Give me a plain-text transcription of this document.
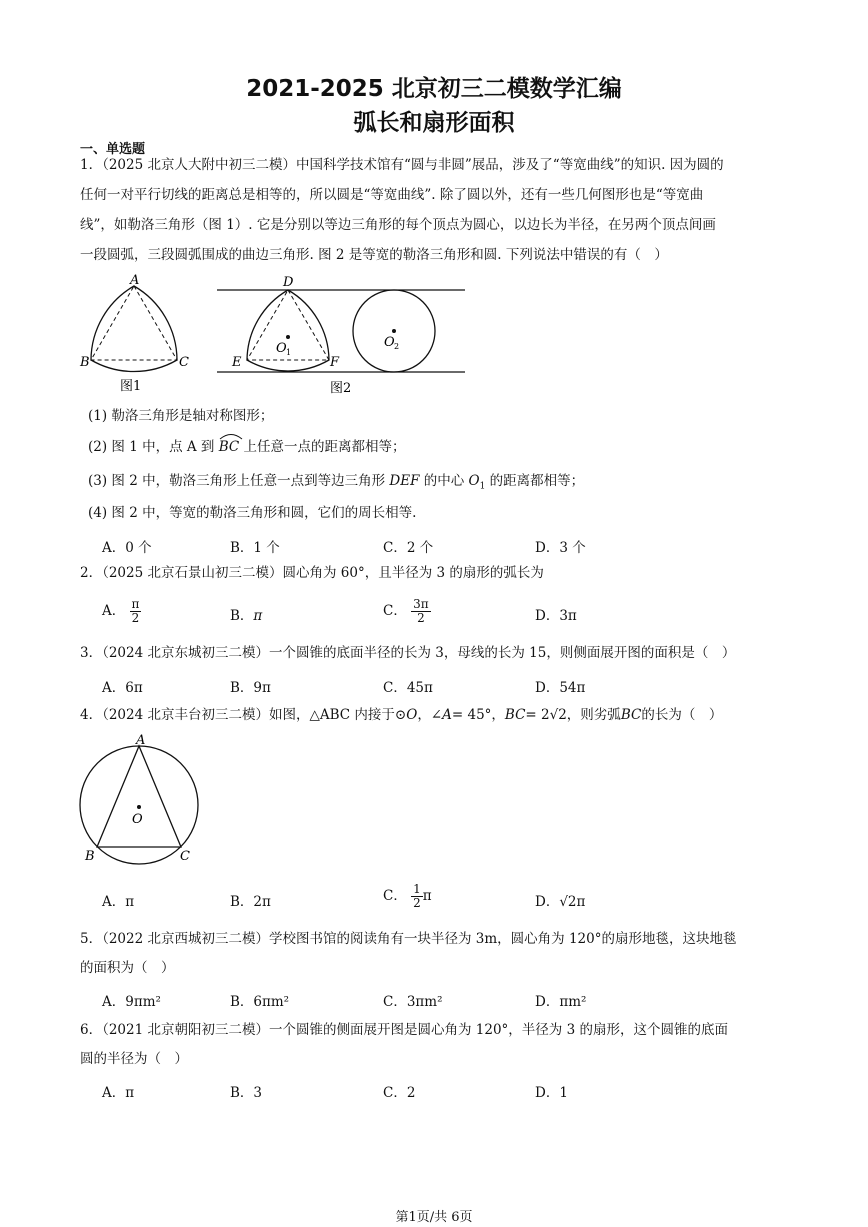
2021-2025 北京初三二模数学汇编
弧长和扇形面积
一、单选题
1．（2025 北京人大附中初三二模）中国科学技术馆有“圆与非圆”展品，涉及了“等宽曲线”的知识. 因为圆的
任何一对平行切线的距离总是相等的，所以圆是“等宽曲线”. 除了圆以外，还有一些几何图形也是“等宽曲
线”，如勒洛三角形（图 1）. 它是分别以等边三角形的每个顶点为圆心，以边长为半径，在另两个顶点间画
一段圆弧，三段圆弧围成的曲边三角形. 图 2 是等宽的勒洛三角形和圆. 下列说法中错误的有（　）
A
B	C
图1
D
E	F
O 1
O 2
图2
(1) 勒洛三角形是轴对称图形；
(2) 图 1 中，点 A 到 BC 上任意一点的距离都相等；
(3) 图 2 中，勒洛三角形上任意一点到等边三角形 DEF 的中心 $O_1$ 的距离都相等；
(4) 图 2 中，等宽的勒洛三角形和圆，它们的周长相等.
A．0 个	B．1 个	C．2 个	D．3 个
2．（2025 北京石景山初三二模）圆心角为 60°，且半径为 3 的扇形的弧长为
A． $\frac{\pi}{2}$	B．π	C． $\frac{3\pi}{2}$	D．3π
3．（2024 北京东城初三二模）一个圆锥的底面半径的长为 3，母线的长为 15，则侧面展开图的面积是（　）
A．6π	B．9π	C．45π	D．54π
4．（2024 北京丰台初三二模）如图，△ABC 内接于⊙O，∠A= 45°，BC= 2√2，则劣弧BC的长为（　）
A
B	C
O
A．π	B．2π	C． $\frac{1}{2}$ π	D．√2π
5．（2022 北京西城初三二模）学校图书馆的阅读角有一块半径为 3m，圆心角为 120°的扇形地毯，这块地毯
的面积为（　）
A．9πm²	B．6πm²	C．3πm²	D．πm²
6．（2021 北京朝阳初三二模）一个圆锥的侧面展开图是圆心角为 120°，半径为 3 的扇形，这个圆锥的底面
圆的半径为（　）
A．π	B．3	C．2	D．1
第1页/共 6页
